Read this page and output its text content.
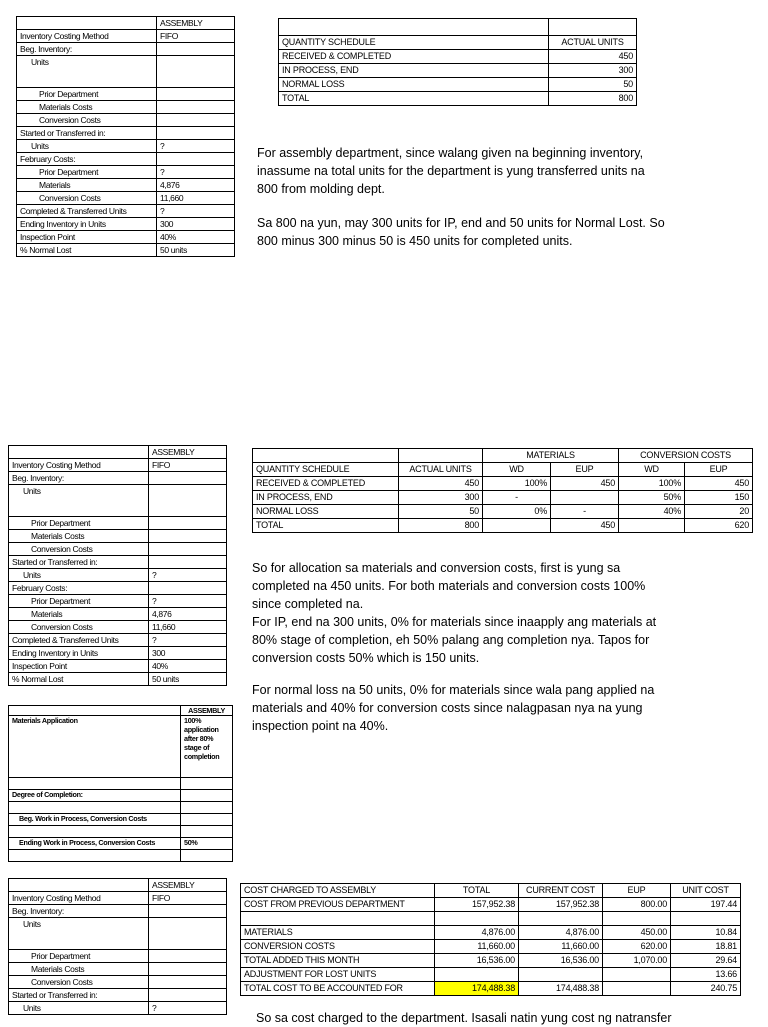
	ASSEMBLY
Inventory Costing Method	FIFO
Beg. Inventory:	
Units	
Prior Department	
Materials Costs	
Conversion Costs	
Started or Transferred in:	
Units	?
February Costs:	
Prior Department	?
Materials	4,876
Conversion Costs	11,660
Completed & Transferred Units	?
Ending Inventory in Units	300
Inspection Point	40%
% Normal Lost	50 units

QUANTITY SCHEDULE	ACTUAL UNITS
RECEIVED & COMPLETED	450
IN PROCESS, END	300
NORMAL LOSS	50
TOTAL	800

For assembly department, since walang given na beginning inventory,
inassume na total units for the department is yung transferred units na
800 from molding dept.

Sa 800 na yun, may 300 units for IP, end and 50 units for Normal Lost. So
800 minus 300 minus 50 is 450 units for completed units.

	ASSEMBLY
Inventory Costing Method	FIFO
Beg. Inventory:	
Units	
Prior Department	
Materials Costs	
Conversion Costs	
Started or Transferred in:	
Units	?
February Costs:	
Prior Department	?
Materials	4,876
Conversion Costs	11,660
Completed & Transferred Units	?
Ending Inventory in Units	300
Inspection Point	40%
% Normal Lost	50 units
	ASSEMBLY
Materials Application	100%
application
after 80%
stage of
completion

Degree of Completion:	

Beg. Work in Process, Conversion Costs	

Ending Work in Process, Conversion Costs	50%

		MATERIALS		CONVERSION COSTS	
QUANTITY SCHEDULE	ACTUAL UNITS	WD	EUP	WD	EUP
RECEIVED & COMPLETED	450	100%	450	100%	450
IN PROCESS, END	300	-		50%	150
NORMAL LOSS	50	0%	-	40%	20
TOTAL	800		450		620

So for allocation sa materials and conversion costs, first is yung sa
completed na 450 units. For both materials and conversion costs 100%
since completed na.
For IP, end na 300 units, 0% for materials since inaapply ang materials at
80% stage of completion, eh 50% palang ang completion nya. Tapos for
conversion costs 50% which is 150 units.

For normal loss na 50 units, 0% for materials since wala pang applied na
materials and 40% for conversion costs since nalagpasan nya na yung
inspection point na 40%.

	ASSEMBLY
Inventory Costing Method	FIFO
Beg. Inventory:	
Units	
Prior Department	
Materials Costs	
Conversion Costs	
Started or Transferred in:	
Units	?
COST CHARGED TO ASSEMBLY	TOTAL	CURRENT COST	EUP	UNIT COST
COST FROM PREVIOUS DEPARTMENT	157,952.38	157,952.38	800.00	197.44

MATERIALS	4,876.00	4,876.00	450.00	10.84
CONVERSION COSTS	11,660.00	11,660.00	620.00	18.81
TOTAL ADDED THIS MONTH	16,536.00	16,536.00	1,070.00	29.64
ADJUSTMENT FOR LOST UNITS				13.66
TOTAL COST TO BE ACCOUNTED FOR	174,488.38	174,488.38		240.75

So sa cost charged to the department. Isasali natin yung cost ng natransfer
